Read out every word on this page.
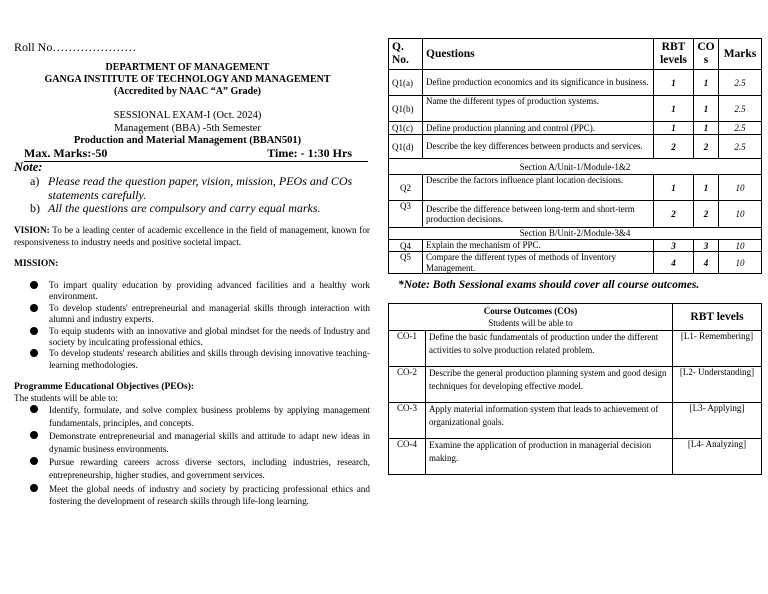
Roll No…………………
DEPARTMENT OF MANAGEMENT
GANGA INSTITUTE OF TECHNOLOGY AND MANAGEMENT
(Accredited by NAAC “A” Grade)
SESSIONAL EXAM-I (Oct. 2024)
Management (BBA) -5th Semester
Production and Material Management (BBAN501)
Max. Marks:-50	Time: - 1:30 Hrs
Note:
a) Please read the question paper, vision, mission, PEOs and COs statements carefully.
b) All the questions are compulsory and carry equal marks.
VISION: To be a leading center of academic excellence in the field of management, known for responsiveness to industry needs and positive societal impact.
MISSION:
To impart quality education by providing advanced facilities and a healthy work environment.
To develop students' entrepreneurial and managerial skills through interaction with alumni and industry experts.
To equip students with an innovative and global mindset for the needs of Industry and society by inculcating professional ethics.
To develop students' research abilities and skills through devising innovative teaching-learning methodologies.
Programme Educational Objectives (PEOs):
The students will be able to:
Identify, formulate, and solve complex business problems by applying management fundamentals, principles, and concepts.
Demonstrate entrepreneurial and managerial skills and attitude to adapt new ideas in dynamic business environments.
Pursue rewarding careers across diverse sectors, including industries, research, entrepreneurship, higher studies, and government services.
Meet the global needs of industry and society by practicing professional ethics and fostering the development of research skills through life-long learning.
Q. No.	Questions	RBT levels	CO s	Marks
Q1(a)	Define production economics and its significance in business.	1	1	2.5
Q1(b)	Name the different types of production systems.	1	1	2.5
Q1(c)	Define production planning and control (PPC).	1	1	2.5
Q1(d)	Describe the key differences between products and services.	2	2	2.5
Section A/Unit-1/Module-1&2				
Q2	Describe the factors influence plant location decisions.	1	1	10
Q3	Describe the difference between long-term and short-term production decisions.	2	2	10
Section B/Unit-2/Module-3&4				
Q4	Explain the mechanism of PPC.	3	3	10
Q5	Compare the different types of methods of Inventory Management.	4	4	10
*Note: Both Sessional exams should cover all course outcomes.
Course Outcomes (COs)
Students will be able to		RBT levels
CO-1	Define the basic fundamentals of production under the different activities to solve production related problem.	[L1- Remembering]
CO-2	Describe the general production planning system and good design techniques for developing effective model.	[L2- Understanding]
CO-3	Apply material information system that leads to achievement of organizational goals.	[L3- Applying]
CO-4	Examine the application of production in managerial decision making.	[L4- Analyzing]
